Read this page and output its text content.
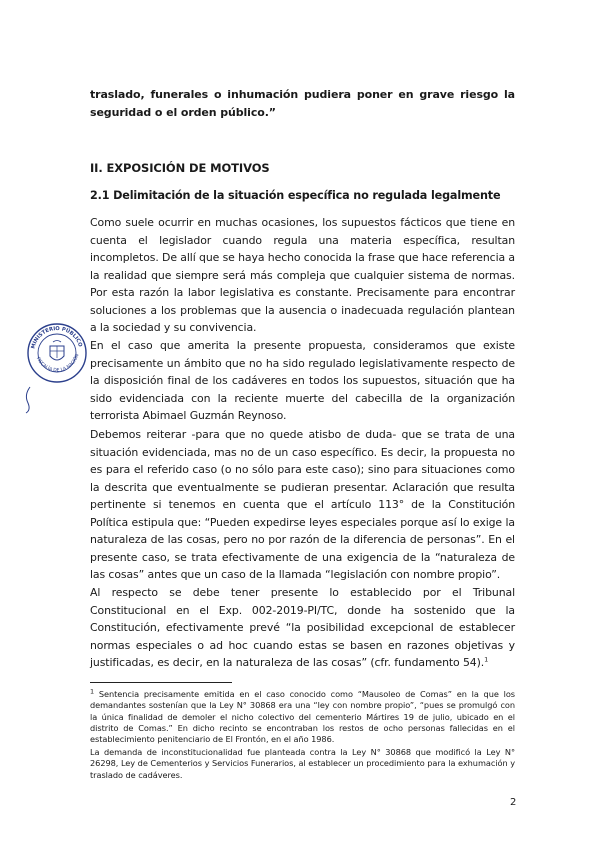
traslado, funerales o inhumación pudiera poner en grave riesgo la seguridad o el orden público.”

II. EXPOSICIÓN DE MOTIVOS
2.1 Delimitación de la situación específica no regulada legalmente

Como suele ocurrir en muchas ocasiones, los supuestos fácticos que tiene en cuenta el legislador cuando regula una materia específica, resultan incompletos. De allí que se haya hecho conocida la frase que hace referencia a la realidad que siempre será más compleja que cualquier sistema de normas. Por esta razón la labor legislativa es constante. Precisamente para encontrar soluciones a los problemas que la ausencia o inadecuada regulación plantean a la sociedad y su convivencia.

En el caso que amerita la presente propuesta, consideramos que existe precisamente un ámbito que no ha sido regulado legislativamente respecto de la disposición final de los cadáveres en todos los supuestos, situación que ha sido evidenciada con la reciente muerte del cabecilla de la organización terrorista Abimael Guzmán Reynoso.

Debemos reiterar -para que no quede atisbo de duda- que se trata de una situación evidenciada, mas no de un caso específico. Es decir, la propuesta no es para el referido caso (o no sólo para este caso); sino para situaciones como la descrita que eventualmente se pudieran presentar. Aclaración que resulta pertinente si tenemos en cuenta que el artículo 113° de la Constitución Política estipula que: “Pueden expedirse leyes especiales porque así lo exige la naturaleza de las cosas, pero no por razón de la diferencia de personas”. En el presente caso, se trata efectivamente de una exigencia de la “naturaleza de las cosas” antes que un caso de la llamada “legislación con nombre propio”.

Al respecto se debe tener presente lo establecido por el Tribunal Constitucional en el Exp. 002-2019-PI/TC, donde ha sostenido que la Constitución, efectivamente prevé “la posibilidad excepcional de establecer normas especiales o ad hoc cuando estas se basen en razones objetivas y justificadas, es decir, en la naturaleza de las cosas” (cfr. fundamento 54).$^1$

$^1$ Sentencia precisamente emitida en el caso conocido como “Mausoleo de Comas” en la que los demandantes sostenían que la Ley N° 30868 era una “ley con nombre propio”, “pues se promulgó con la única finalidad de demoler el nicho colectivo del cementerio Mártires 19 de julio, ubicado en el distrito de Comas.” En dicho recinto se encontraban los restos de ocho personas fallecidas en el establecimiento penitenciario de El Frontón, en el año 1986.

La demanda de inconstitucionalidad fue planteada contra la Ley N° 30868 que modificó la Ley N° 26298, Ley de Cementerios y Servicios Funerarios, al establecer un procedimiento para la exhumación y traslado de cadáveres.

2
MINISTERIO PÚBLICO
FISCALÍA DE LA NACIÓN
